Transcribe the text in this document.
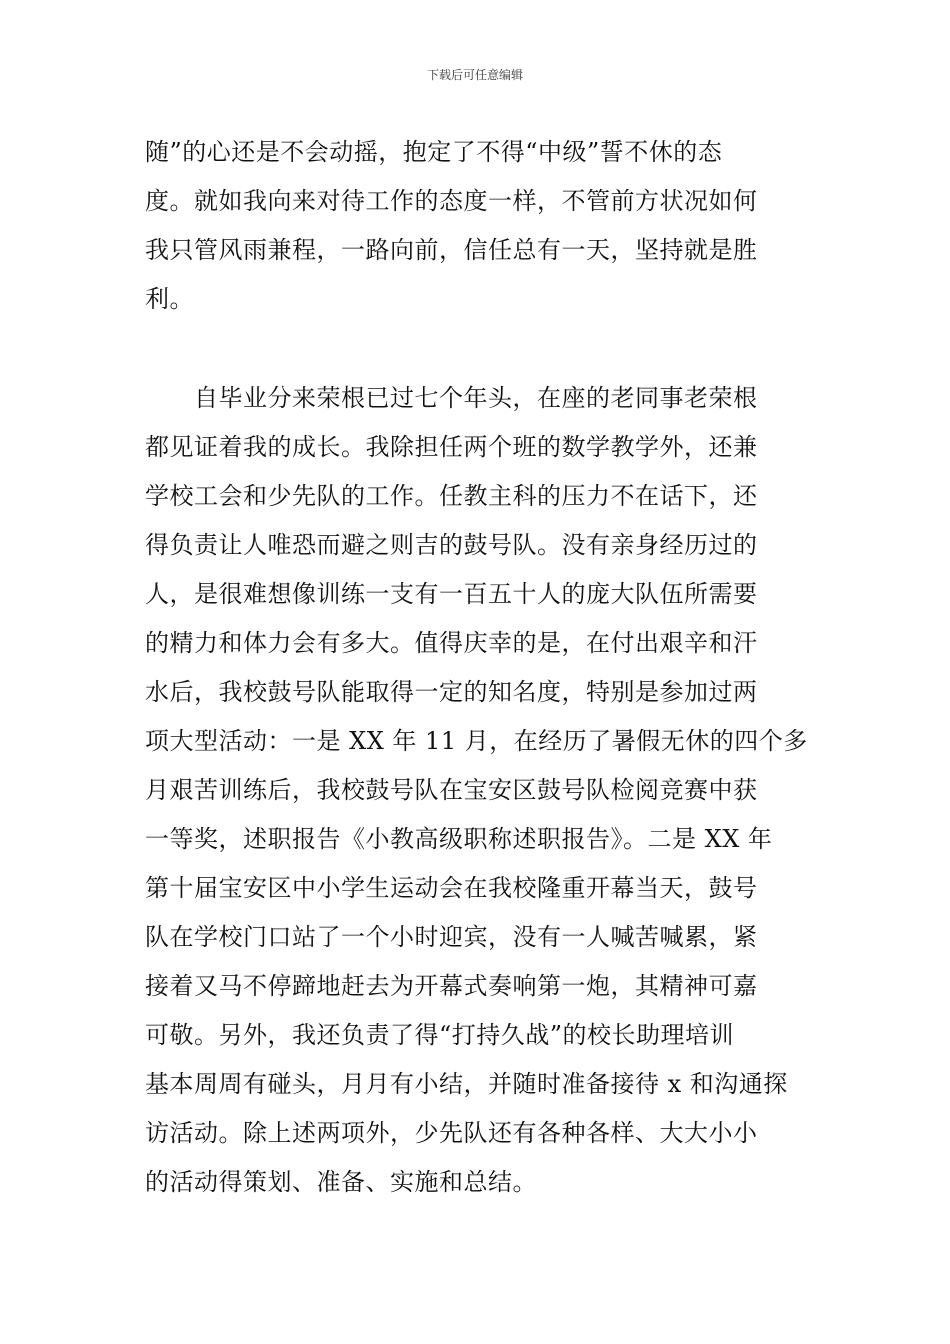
下载后可任意编辑
随”的心还是不会动摇，抱定了不得“中级”誓不休的态
度。就如我向来对待工作的态度一样，不管前方状况如何
我只管风雨兼程，一路向前，信任总有一天，坚持就是胜
利。
　　自毕业分来荣根已过七个年头，在座的老同事老荣根
都见证着我的成长。我除担任两个班的数学教学外，还兼
学校工会和少先队的工作。任教主科的压力不在话下，还
得负责让人唯恐而避之则吉的鼓号队。没有亲身经历过的
人，是很难想像训练一支有一百五十人的庞大队伍所需要
的精力和体力会有多大。值得庆幸的是，在付出艰辛和汗
水后，我校鼓号队能取得一定的知名度，特别是参加过两
项大型活动：一是 XX 年 11 月，在经历了暑假无休的四个多
月艰苦训练后，我校鼓号队在宝安区鼓号队检阅竞赛中获
一等奖，述职报告《小教高级职称述职报告》。二是 XX 年
第十届宝安区中小学生运动会在我校隆重开幕当天，鼓号
队在学校门口站了一个小时迎宾，没有一人喊苦喊累，紧
接着又马不停蹄地赶去为开幕式奏响第一炮，其精神可嘉
可敬。另外，我还负责了得“打持久战”的校长助理培训
基本周周有碰头，月月有小结，并随时准备接待 x 和沟通探
访活动。除上述两项外，少先队还有各种各样、大大小小
的活动得策划、准备、实施和总结。
